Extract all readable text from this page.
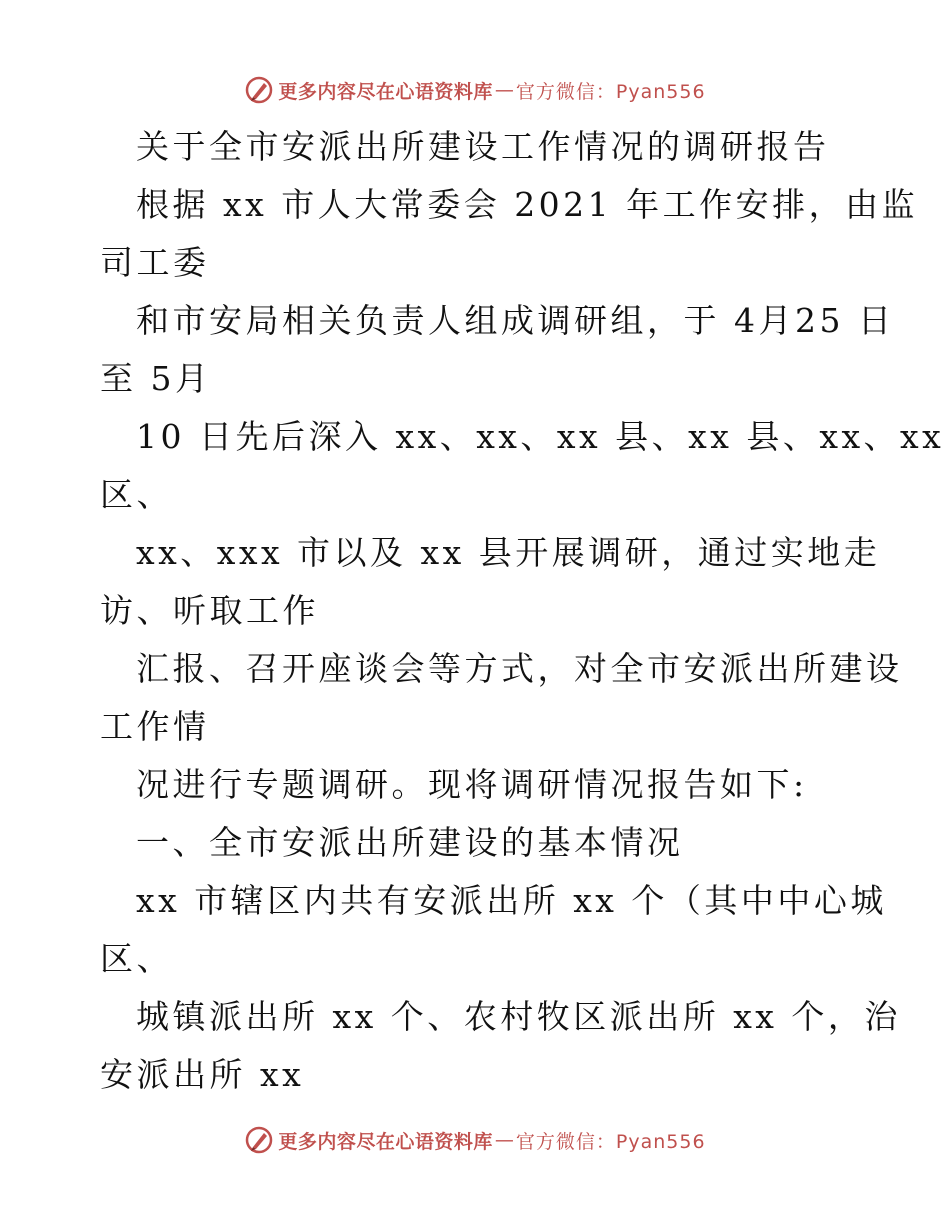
更多内容尽在心语资料库 — 官方微信：Pyan556
关于全市安派出所建设工作情况的调研报告
根据 xx 市人大常委会 2021 年工作安排，由监
司工委
和市安局相关负责人组成调研组，于 4月25 日
至 5月
10 日先后深入 xx、xx、xx 县、xx 县、xx、xx
区、
xx、xxx 市以及 xx 县开展调研，通过实地走
访、听取工作
汇报、召开座谈会等方式，对全市安派出所建设
工作情
况进行专题调研。现将调研情况报告如下:
一、全市安派出所建设的基本情况
xx 市辖区内共有安派出所 xx 个（其中中心城
区、
城镇派出所 xx 个、农村牧区派出所 xx 个，治
安派出所 xx
更多内容尽在心语资料库 — 官方微信：Pyan556
